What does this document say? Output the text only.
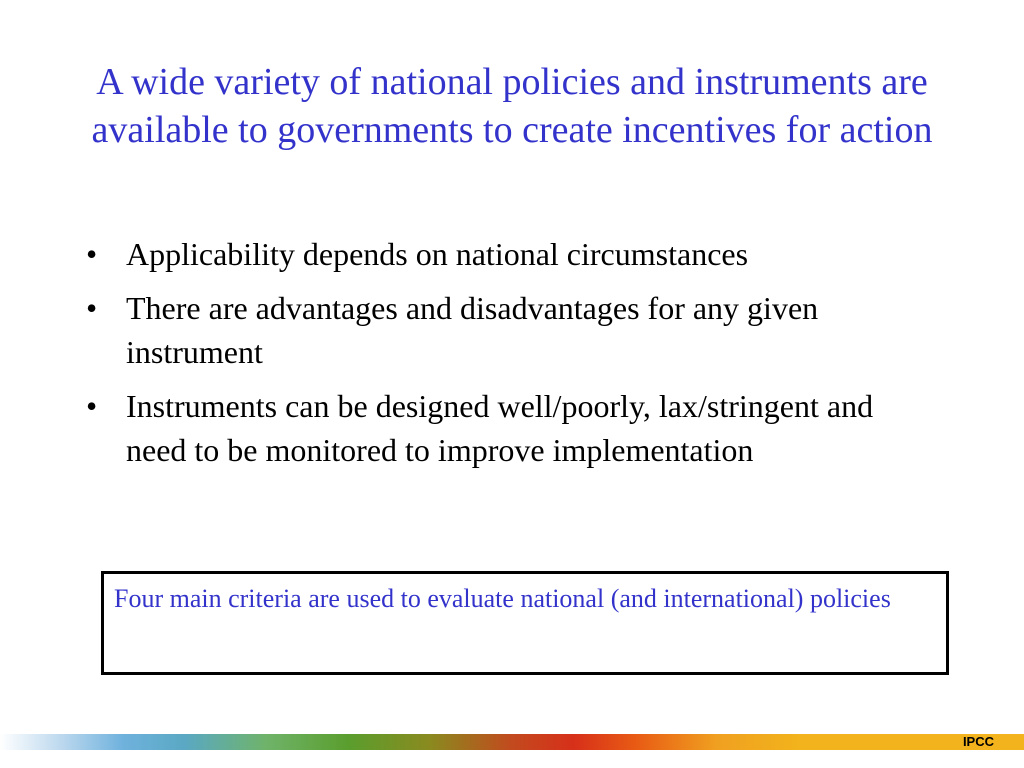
A wide variety of national policies and instruments are available to governments to create incentives for action
• Applicability depends on national circumstances
• There are advantages and disadvantages for any given instrument
• Instruments can be designed well/poorly, lax/stringent and need to be monitored to improve implementation
Four main criteria are used to evaluate national (and international) policies
IPCC
